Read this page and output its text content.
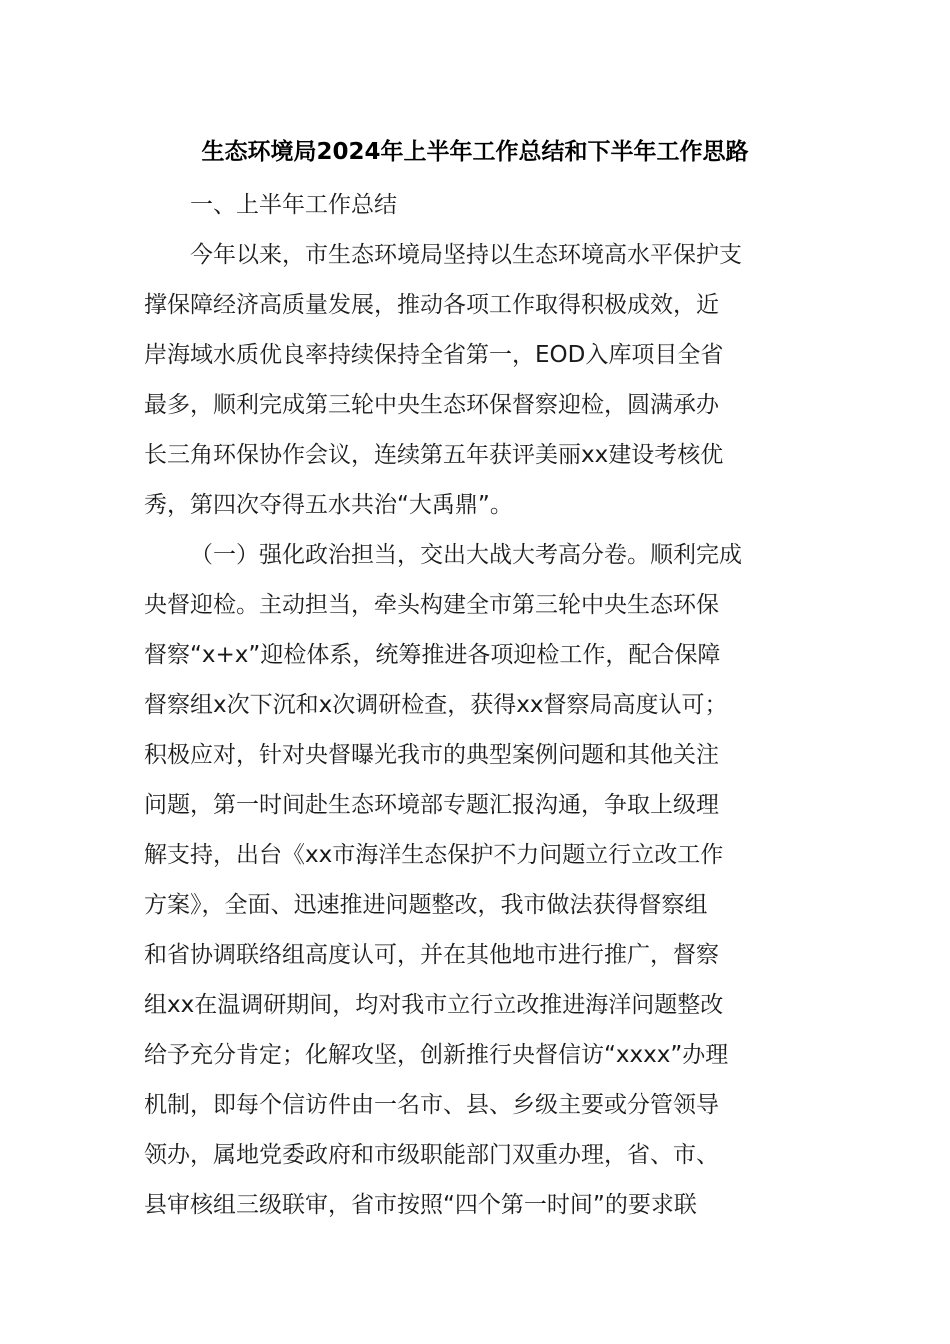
生态环境局2024年上半年工作总结和下半年工作思路
一、上半年工作总结
今年以来，市生态环境局坚持以生态环境高水平保护支
撑保障经济高质量发展，推动各项工作取得积极成效，近
岸海域水质优良率持续保持全省第一，EOD入库项目全省
最多，顺利完成第三轮中央生态环保督察迎检，圆满承办
长三角环保协作会议，连续第五年获评美丽xx建设考核优
秀，第四次夺得五水共治“大禹鼎”。
（一）强化政治担当，交出大战大考高分卷。顺利完成
央督迎检。主动担当，牵头构建全市第三轮中央生态环保
督察“x+x”迎检体系，统筹推进各项迎检工作，配合保障
督察组x次下沉和x次调研检查，获得xx督察局高度认可；
积极应对，针对央督曝光我市的典型案例问题和其他关注
问题，第一时间赴生态环境部专题汇报沟通，争取上级理
解支持，出台《xx市海洋生态保护不力问题立行立改工作
方案》，全面、迅速推进问题整改，我市做法获得督察组
和省协调联络组高度认可，并在其他地市进行推广，督察
组xx在温调研期间，均对我市立行立改推进海洋问题整改
给予充分肯定；化解攻坚，创新推行央督信访“xxxx”办理
机制，即每个信访件由一名市、县、乡级主要或分管领导
领办，属地党委政府和市级职能部门双重办理，省、市、
县审核组三级联审，省市按照“四个第一时间”的要求联
